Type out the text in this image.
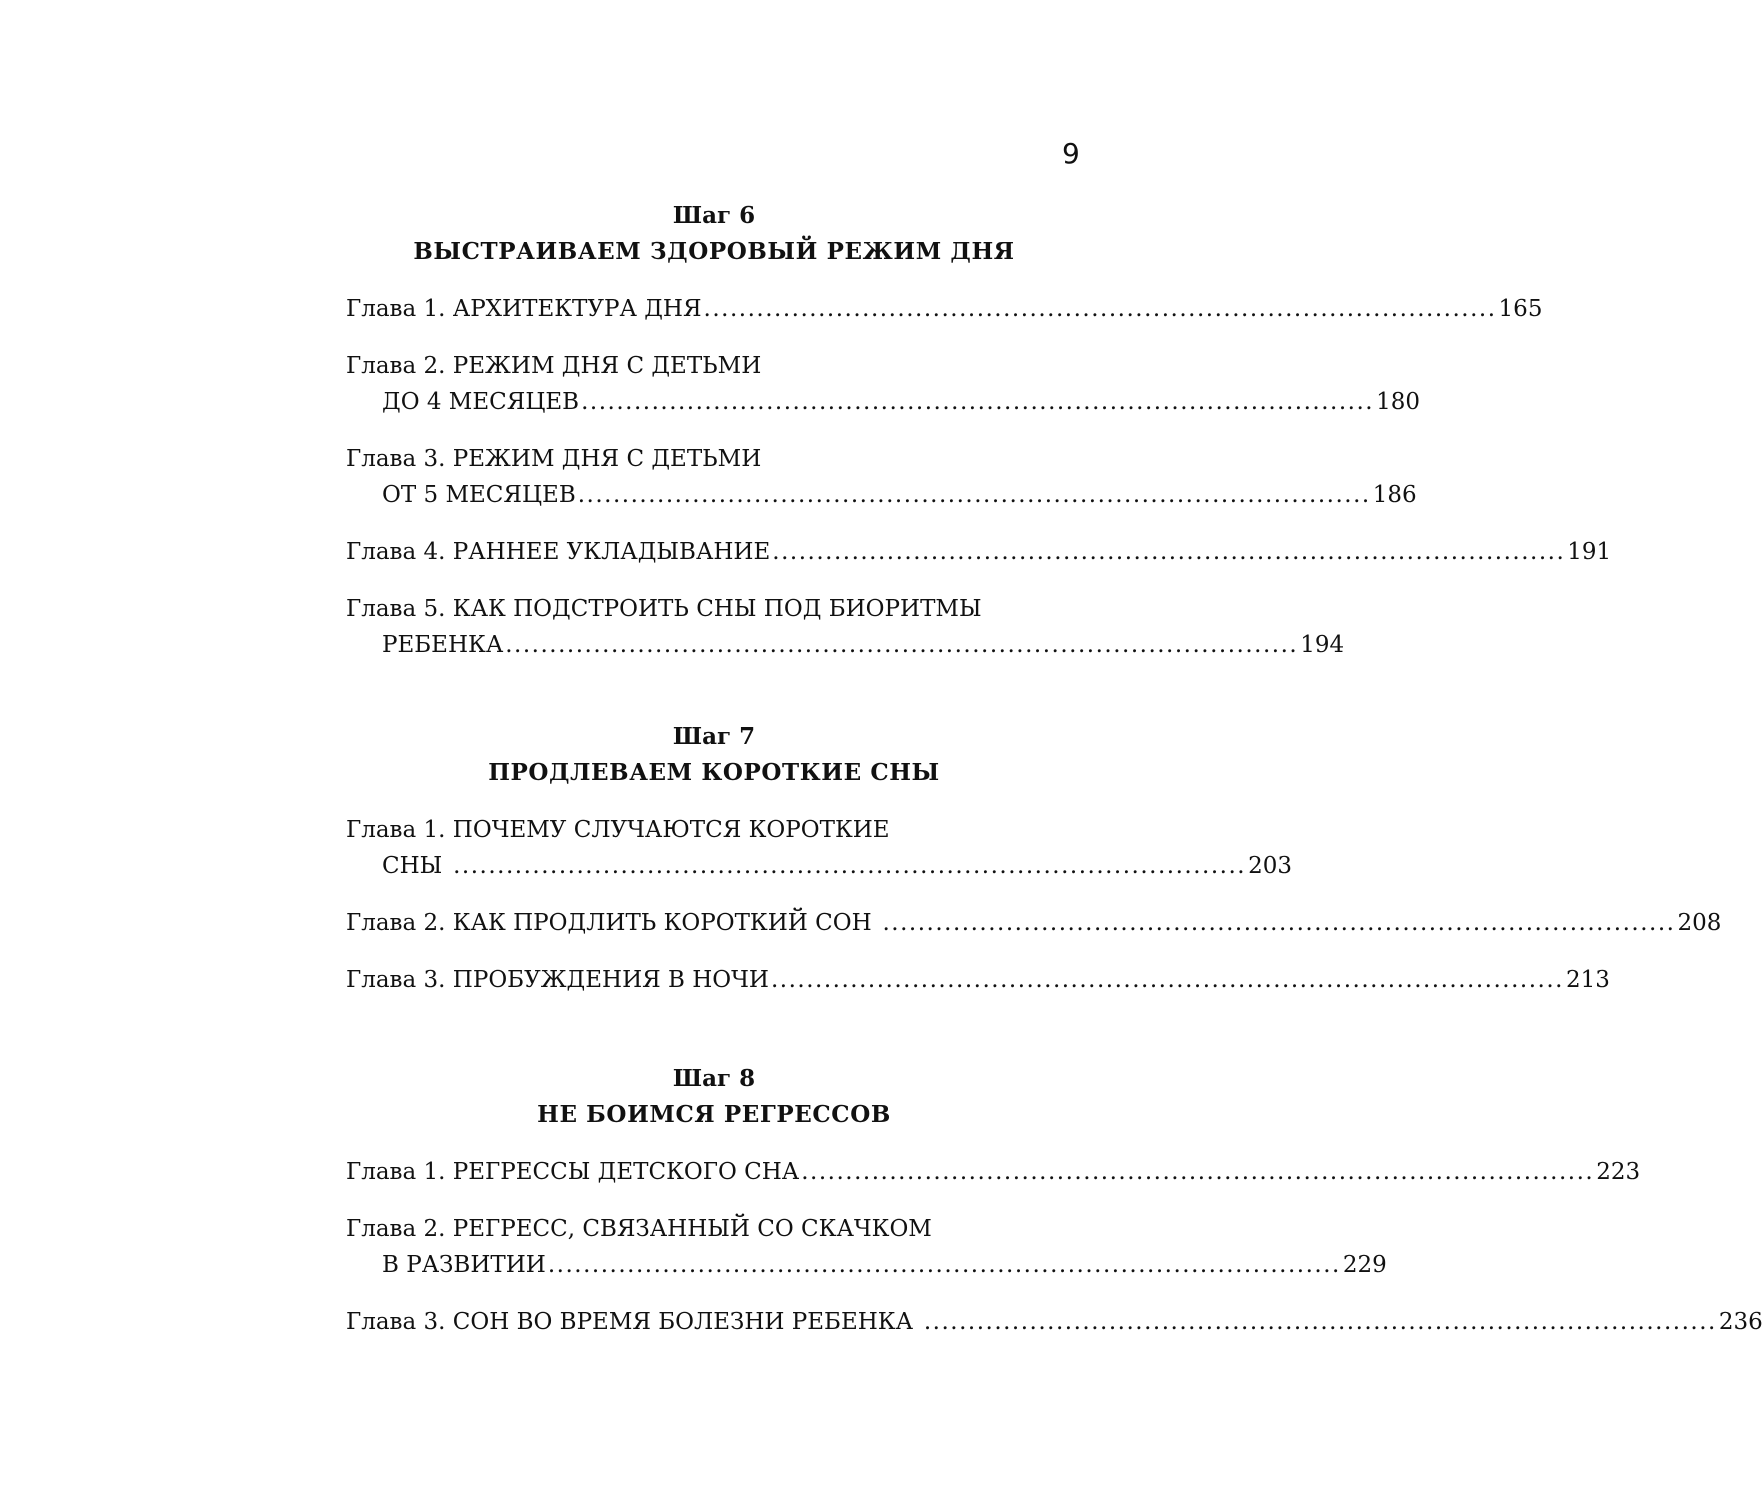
9
Шаг 6
ВЫСТРАИВАЕМ ЗДОРОВЫЙ РЕЖИМ ДНЯ
Глава 1. АРХИТЕКТУРА ДНЯ .......................................................................................... 165
Глава 2. РЕЖИМ ДНЯ С ДЕТЬМИ
ДО 4 МЕСЯЦЕВ .......................................................................................... 180
Глава 3. РЕЖИМ ДНЯ С ДЕТЬМИ
ОТ 5 МЕСЯЦЕВ .......................................................................................... 186
Глава 4. РАННЕЕ УКЛАДЫВАНИЕ .......................................................................................... 191
Глава 5. КАК ПОДСТРОИТЬ СНЫ ПОД БИОРИТМЫ
РЕБЕНКА .......................................................................................... 194
Шаг 7
ПРОДЛЕВАЕМ КОРОТКИЕ СНЫ
Глава 1. ПОЧЕМУ СЛУЧАЮТСЯ КОРОТКИЕ
СНЫ .......................................................................................... 203
Глава 2. КАК ПРОДЛИТЬ КОРОТКИЙ СОН .......................................................................................... 208
Глава 3. ПРОБУЖДЕНИЯ В НОЧИ .......................................................................................... 213
Шаг 8
НЕ БОИМСЯ РЕГРЕССОВ
Глава 1. РЕГРЕССЫ ДЕТСКОГО СНА .......................................................................................... 223
Глава 2. РЕГРЕСС, СВЯЗАННЫЙ СО СКАЧКОМ
В РАЗВИТИИ .......................................................................................... 229
Глава 3. СОН ВО ВРЕМЯ БОЛЕЗНИ РЕБЕНКА .......................................................................................... 236
